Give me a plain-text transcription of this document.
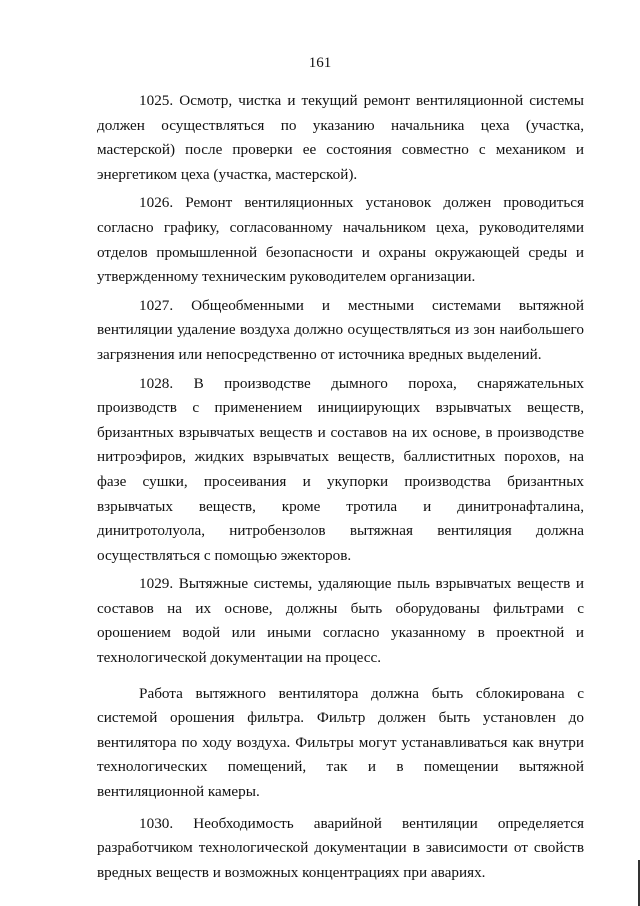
161

1025. Осмотр, чистка и текущий ремонт вентиляционной системы должен осуществляться по указанию начальника цеха (участка, мастерской) после проверки ее состояния совместно с механиком и энергетиком цеха (участка, мастерской).

1026. Ремонт вентиляционных установок должен проводиться согласно графику, согласованному начальником цеха, руководителями отделов промышленной безопасности и охраны окружающей среды и утвержденному техническим руководителем организации.

1027. Общеобменными и местными системами вытяжной вентиляции удаление воздуха должно осуществляться из зон наибольшего загрязнения или непосредственно от источника вредных выделений.

1028. В производстве дымного пороха, снаряжательных производств с применением инициирующих взрывчатых веществ, бризантных взрывчатых веществ и составов на их основе, в производстве нитроэфиров, жидких взрывчатых веществ, баллиститных порохов, на фазе сушки, просеивания и укупорки производства бризантных взрывчатых веществ, кроме тротила и динитронафталина, динитротолуола, нитробензолов вытяжная вентиляция должна осуществляться с помощью эжекторов.

1029. Вытяжные системы, удаляющие пыль взрывчатых веществ и составов на их основе, должны быть оборудованы фильтрами с орошением водой или иными согласно указанному в проектной и технологической документации на процесс.

Работа вытяжного вентилятора должна быть сблокирована с системой орошения фильтра. Фильтр должен быть установлен до вентилятора по ходу воздуха. Фильтры могут устанавливаться как внутри технологических помещений, так и в помещении вытяжной вентиляционной камеры.

1030. Необходимость аварийной вентиляции определяется разработчиком технологической документации в зависимости от свойств вредных веществ и возможных концентрациях при авариях.
